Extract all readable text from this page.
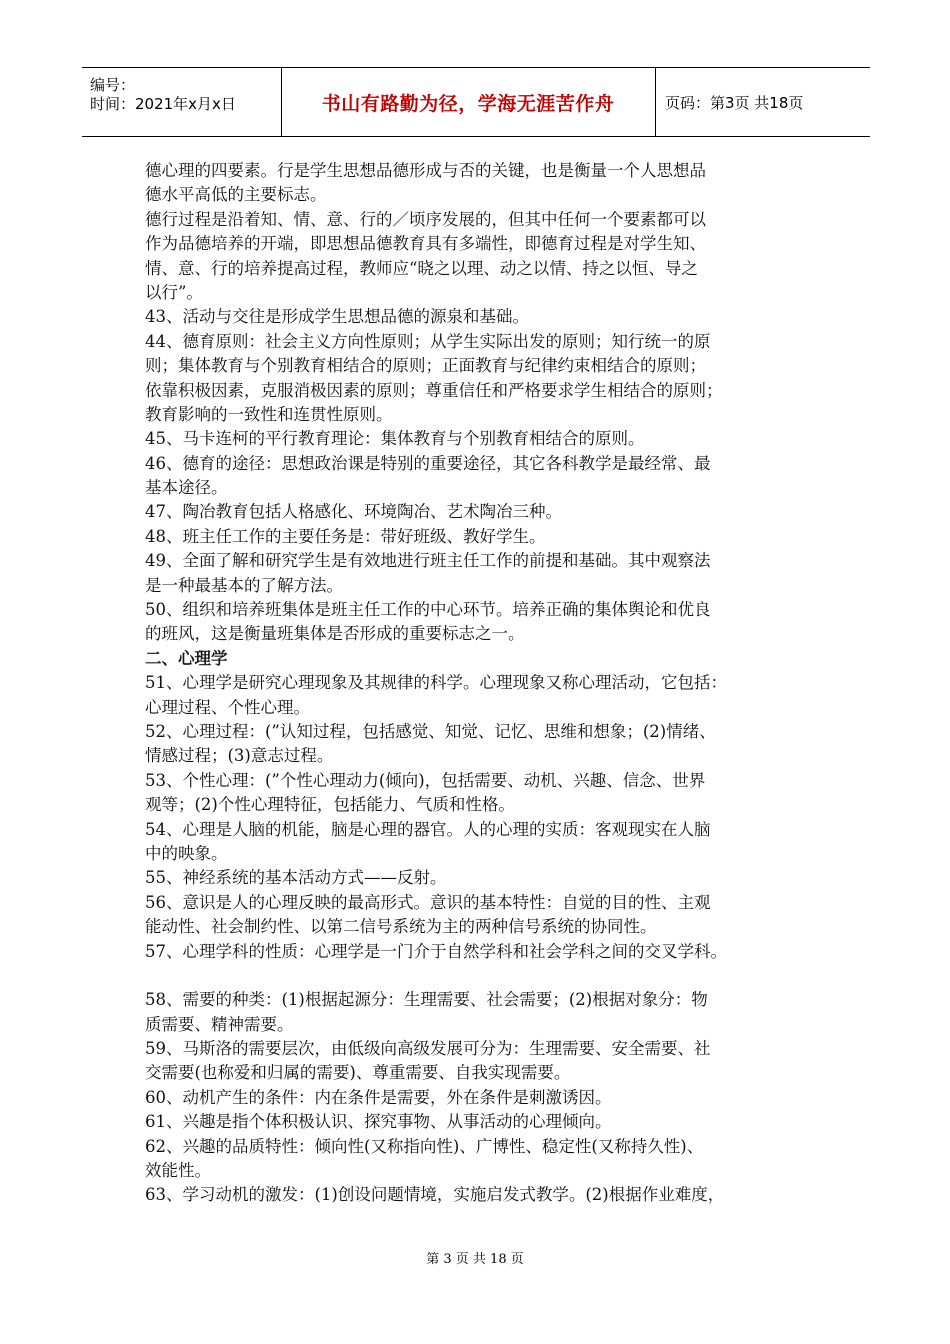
编号：
时间：2021年x月x日	书山有路勤为径，学海无涯苦作舟	页码：第3页 共18页
德心理的四要素。行是学生思想品德形成与否的关键，也是衡量一个人思想品
德水平高低的主要标志。
德行过程是沿着知、情、意、行的／顷序发展的，但其中任何一个要素都可以
作为品德培养的开端，即思想品德教育具有多端性，即德育过程是对学生知、
情、意、行的培养提高过程，教师应“晓之以理、动之以情、持之以恒、导之
以行”。
43、活动与交往是形成学生思想品德的源泉和基础。
44、德育原则：社会主义方向性原则；从学生实际出发的原则；知行统一的原
则；集体教育与个别教育相结合的原则；正面教育与纪律约束相结合的原则；
依靠积极因素，克服消极因素的原则；尊重信任和严格要求学生相结合的原则；
教育影响的一致性和连贯性原则。
45、马卡连柯的平行教育理论：集体教育与个别教育相结合的原则。
46、德育的途径：思想政治课是特别的重要途径，其它各科教学是最经常、最
基本途径。
47、陶冶教育包括人格感化、环境陶冶、艺术陶冶三种。
48、班主任工作的主要任务是：带好班级、教好学生。
49、全面了解和研究学生是有效地进行班主任工作的前提和基础。其中观察法
是一种最基本的了解方法。
50、组织和培养班集体是班主任工作的中心环节。培养正确的集体舆论和优良
的班风，这是衡量班集体是否形成的重要标志之一。
二、心理学
51、心理学是研究心理现象及其规律的科学。心理现象又称心理活动，它包括：
心理过程、个性心理。
52、心理过程：(”认知过程，包括感觉、知觉、记忆、思维和想象；(2)情绪、
情感过程；(3)意志过程。
53、个性心理：(”个性心理动力(倾向)，包括需要、动机、兴趣、信念、世界
观等；(2)个性心理特征，包括能力、气质和性格。
54、心理是人脑的机能，脑是心理的器官。人的心理的实质：客观现实在人脑
中的映象。
55、神经系统的基本活动方式——反射。
56、意识是人的心理反映的最高形式。意识的基本特性：自觉的目的性、主观
能动性、社会制约性、以第二信号系统为主的两种信号系统的协同性。
57、心理学科的性质：心理学是一门介于自然学科和社会学科之间的交叉学科。
58、需要的种类：(1)根据起源分：生理需要、社会需要；(2)根据对象分：物
质需要、精神需要。
59、马斯洛的需要层次，由低级向高级发展可分为：生理需要、安全需要、社
交需要(也称爱和归属的需要)、尊重需要、自我实现需要。
60、动机产生的条件：内在条件是需要，外在条件是刺激诱因。
61、兴趣是指个体积极认识、探究事物、从事活动的心理倾向。
62、兴趣的品质特性：倾向性(又称指向性)、广博性、稳定性(又称持久性)、
效能性。
63、学习动机的激发：(1)创设问题情境，实施启发式教学。(2)根据作业难度，
第 3 页 共 18 页
